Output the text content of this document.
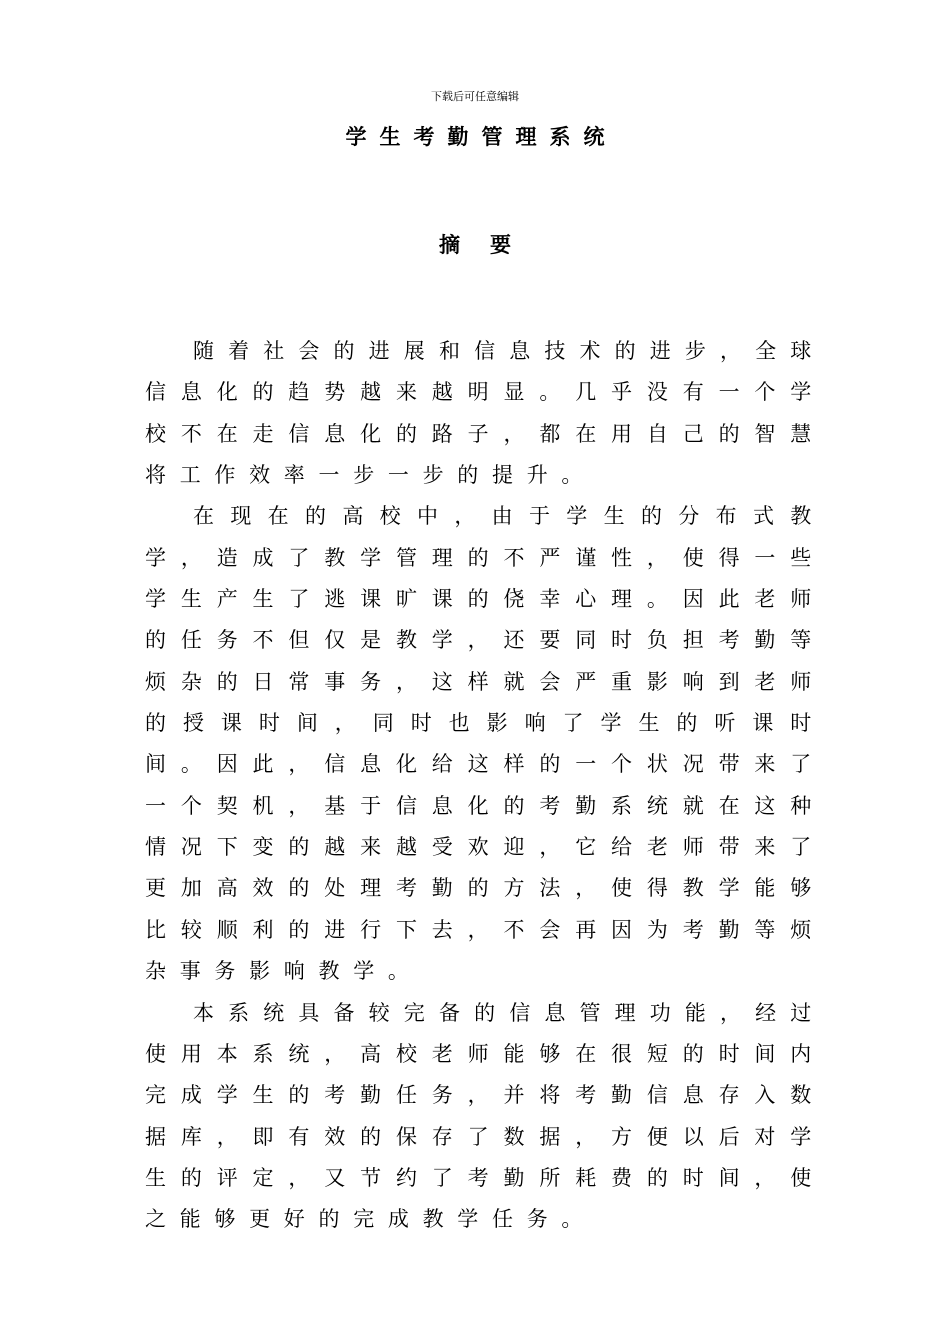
下载后可任意编辑
学生考勤管理系统
摘要

随着社会的进展和信息技术的进步，全球信息化的趋势越来越明显。几乎没有一个学校不在走信息化的路子，都在用自己的智慧将工作效率一步一步的提升。

在现在的高校中，由于学生的分布式教学，造成了教学管理的不严谨性，使得一些学生产生了逃课旷课的侥幸心理。因此老师的任务不但仅是教学，还要同时负担考勤等烦杂的日常事务，这样就会严重影响到老师的授课时间，同时也影响了学生的听课时间。因此，信息化给这样的一个状况带来了一个契机，基于信息化的考勤系统就在这种情况下变的越来越受欢迎，它给老师带来了更加高效的处理考勤的方法，使得教学能够比较顺利的进行下去，不会再因为考勤等烦杂事务影响教学。

本系统具备较完备的信息管理功能，经过使用本系统，高校老师能够在很短的时间内完成学生的考勤任务，并将考勤信息存入数据库，即有效的保存了数据，方便以后对学生的评定，又节约了考勤所耗费的时间，使之能够更好的完成教学任务。
